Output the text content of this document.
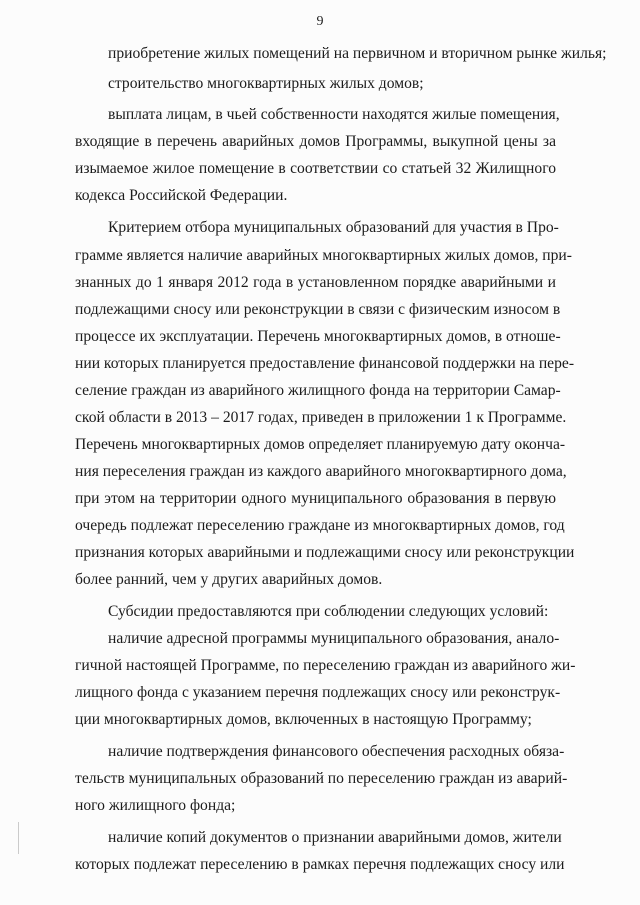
9
приобретение жилых помещений на первичном и вторичном рынке жилья;
строительство многоквартирных жилых домов;
выплата лицам, в чьей собственности находятся жилые помещения,
входящие в перечень аварийных домов Программы, выкупной цены за
изымаемое жилое помещение в соответствии со статьей 32 Жилищного
кодекса Российской Федерации.
Критерием отбора муниципальных образований для участия в Про-
грамме является наличие аварийных многоквартирных жилых домов, при-
знанных до 1 января 2012 года в установленном порядке аварийными и
подлежащими сносу или реконструкции в связи с физическим износом в
процессе их эксплуатации. Перечень многоквартирных домов, в отноше-
нии которых планируется предоставление финансовой поддержки на пере-
селение граждан из аварийного жилищного фонда на территории Самар-
ской области в 2013 – 2017 годах, приведен в приложении 1 к Программе.
Перечень многоквартирных домов определяет планируемую дату оконча-
ния переселения граждан из каждого аварийного многоквартирного дома,
при этом на территории одного муниципального образования в первую
очередь подлежат переселению граждане из многоквартирных домов, год
признания которых аварийными и подлежащими сносу или реконструкции
более ранний, чем у других аварийных домов.
Субсидии предоставляются при соблюдении следующих условий:
наличие адресной программы муниципального образования, анало-
гичной настоящей Программе, по переселению граждан из аварийного жи-
лищного фонда с указанием перечня подлежащих сносу или реконструк-
ции многоквартирных домов, включенных в настоящую Программу;
наличие подтверждения финансового обеспечения расходных обяза-
тельств муниципальных образований по переселению граждан из аварий-
ного жилищного фонда;
наличие копий документов о признании аварийными домов, жители
которых подлежат переселению в рамках перечня подлежащих сносу или
